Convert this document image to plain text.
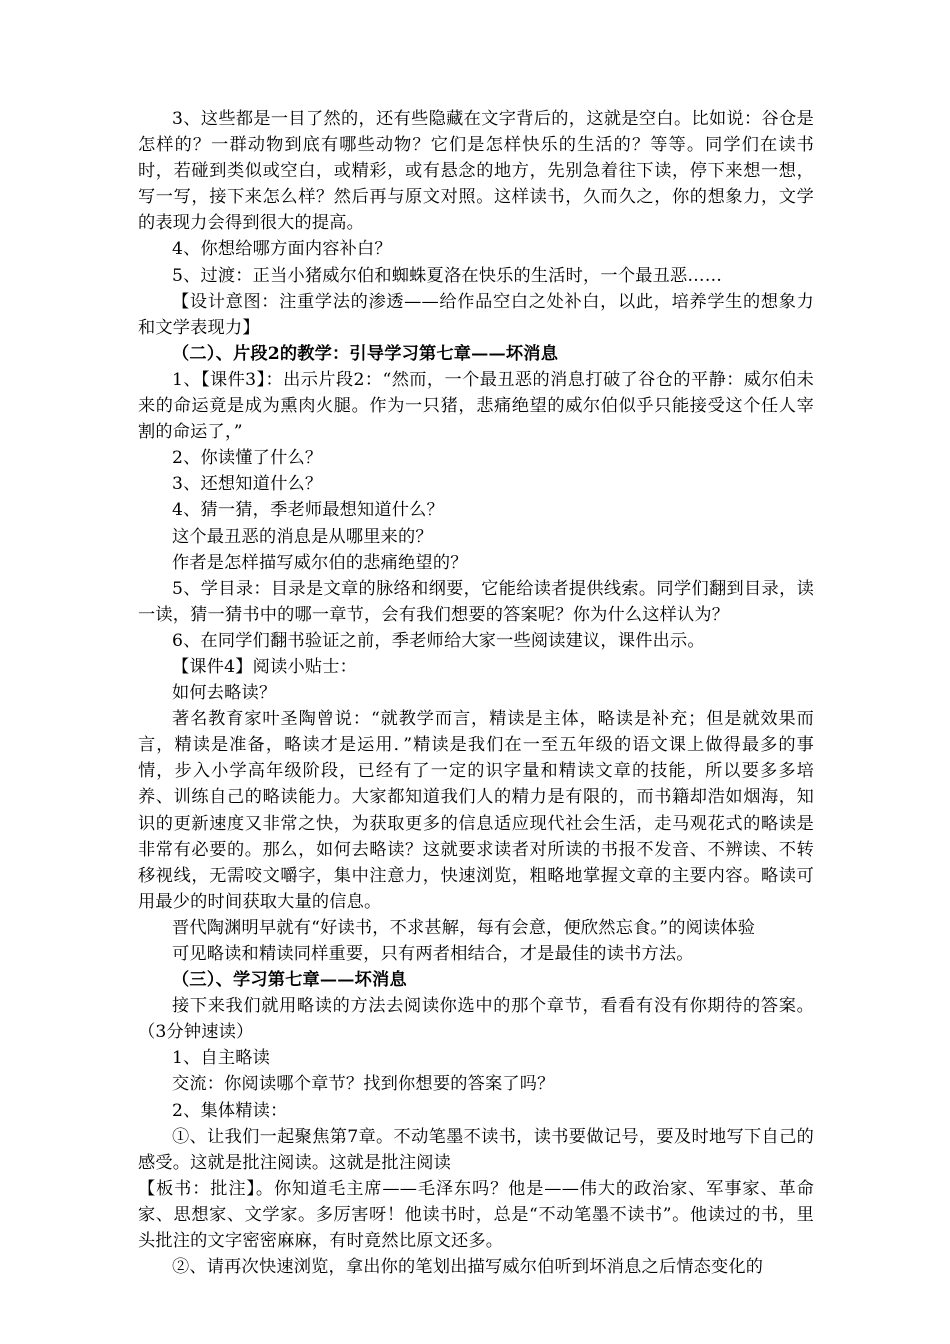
3、这些都是一目了然的，还有些隐藏在文字背后的，这就是空白。比如说：谷仓是怎样的？一群动物到底有哪些动物？它们是怎样快乐的生活的？等等。同学们在读书时，若碰到类似或空白，或精彩，或有悬念的地方，先别急着往下读，停下来想一想，写一写，接下来怎么样？然后再与原文对照。这样读书，久而久之，你的想象力，文学的表现力会得到很大的提高。

4、你想给哪方面内容补白？

5、过渡：正当小猪威尔伯和蜘蛛夏洛在快乐的生活时，一个最丑恶……

【设计意图：注重学法的渗透——给作品空白之处补白，以此，培养学生的想象力和文学表现力】

（二）、片段2的教学：引导学习第七章——坏消息

1、【课件3】：出示片段2：“然而，一个最丑恶的消息打破了谷仓的平静：威尔伯未来的命运竟是成为熏肉火腿。作为一只猪，悲痛绝望的威尔伯似乎只能接受这个任人宰割的命运了，”

2、你读懂了什么？

3、还想知道什么？

4、猜一猜，季老师最想知道什么？

这个最丑恶的消息是从哪里来的？

作者是怎样描写威尔伯的悲痛绝望的？

5、学目录：目录是文章的脉络和纲要，它能给读者提供线索。同学们翻到目录，读一读，猜一猜书中的哪一章节，会有我们想要的答案呢？你为什么这样认为？

6、在同学们翻书验证之前，季老师给大家一些阅读建议，课件出示。

【课件4】阅读小贴士：

如何去略读？

著名教育家叶圣陶曾说：“就教学而言，精读是主体，略读是补充；但是就效果而言，精读是准备，略读才是运用．”精读是我们在一至五年级的语文课上做得最多的事情，步入小学高年级阶段，已经有了一定的识字量和精读文章的技能，所以要多多培养、训练自己的略读能力。大家都知道我们人的精力是有限的，而书籍却浩如烟海，知识的更新速度又非常之快，为获取更多的信息适应现代社会生活，走马观花式的略读是非常有必要的。那么，如何去略读？这就要求读者对所读的书报不发音、不辨读、不转移视线，无需咬文嚼字，集中注意力，快速浏览，粗略地掌握文章的主要内容。略读可用最少的时间获取大量的信息。

晋代陶渊明早就有“好读书，不求甚解，每有会意，便欣然忘食。”的阅读体验

可见略读和精读同样重要，只有两者相结合，才是最佳的读书方法。

（三）、学习第七章——坏消息

接下来我们就用略读的方法去阅读你选中的那个章节，看看有没有你期待的答案。（3分钟速读）

1、自主略读

交流：你阅读哪个章节？找到你想要的答案了吗？

2、集体精读：

①、让我们一起聚焦第7章。不动笔墨不读书，读书要做记号，要及时地写下自己的感受。这就是批注阅读。这就是批注阅读

【板书：批注】。你知道毛主席——毛泽东吗？他是——伟大的政治家、军事家、革命家、思想家、文学家。多厉害呀！他读书时，总是“不动笔墨不读书”。他读过的书，里头批注的文字密密麻麻，有时竟然比原文还多。

②、请再次快速浏览，拿出你的笔划出描写威尔伯听到坏消息之后情态变化的
